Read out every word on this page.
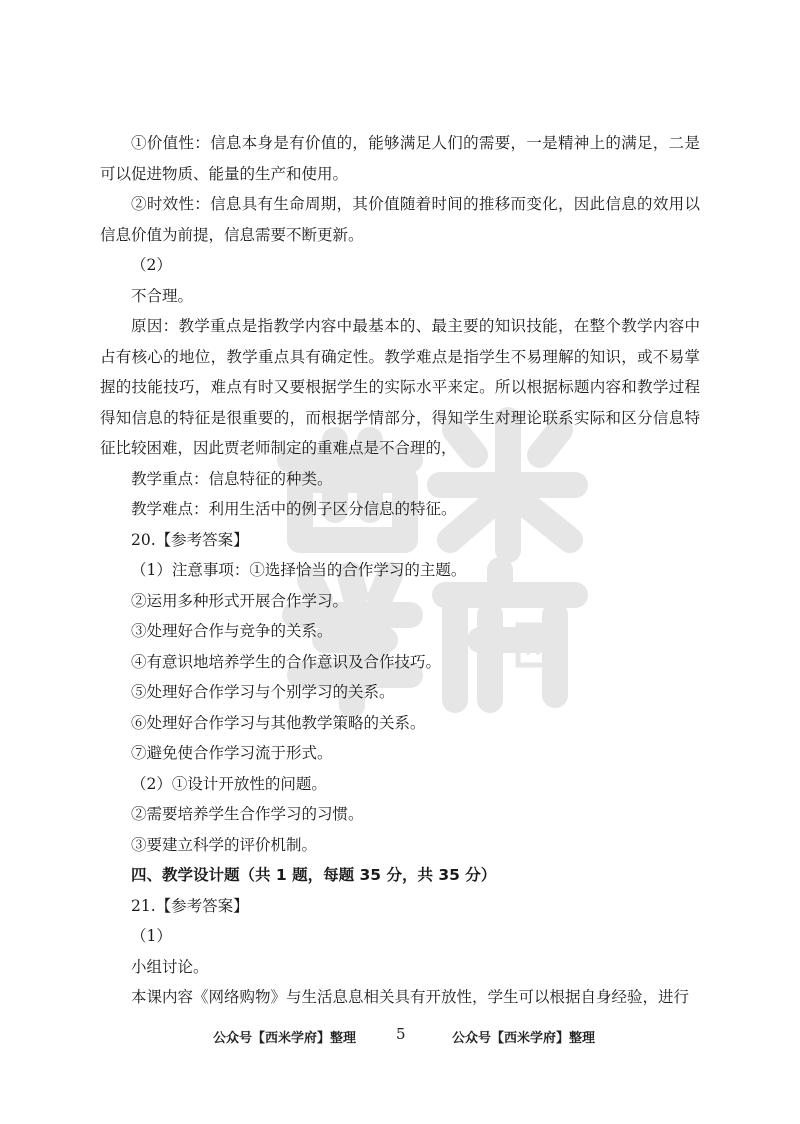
①价值性：信息本身是有价值的，能够满足人们的需要，一是精神上的满足，二是可以促进物质、能量的生产和使用。

②时效性：信息具有生命周期，其价值随着时间的推移而变化，因此信息的效用以信息价值为前提，信息需要不断更新。

（2）

不合理。

原因：教学重点是指教学内容中最基本的、最主要的知识技能，在整个教学内容中占有核心的地位，教学重点具有确定性。教学难点是指学生不易理解的知识，或不易掌握的技能技巧，难点有时又要根据学生的实际水平来定。所以根据标题内容和教学过程得知信息的特征是很重要的，而根据学情部分，得知学生对理论联系实际和区分信息特征比较困难，因此贾老师制定的重难点是不合理的，

教学重点：信息特征的种类。

教学难点：利用生活中的例子区分信息的特征。

20.【参考答案】

（1）注意事项：①选择恰当的合作学习的主题。

②运用多种形式开展合作学习。

③处理好合作与竞争的关系。

④有意识地培养学生的合作意识及合作技巧。

⑤处理好合作学习与个别学习的关系。

⑥处理好合作学习与其他教学策略的关系。

⑦避免使合作学习流于形式。

（2）①设计开放性的问题。

②需要培养学生合作学习的习惯。

③要建立科学的评价机制。

四、教学设计题（共 1 题，每题 35 分，共 35 分）

21.【参考答案】

（1）

小组讨论。

本课内容《网络购物》与生活息息相关具有开放性，学生可以根据自身经验，进行

公众号【西米学府】整理	5	公众号【西米学府】整理
